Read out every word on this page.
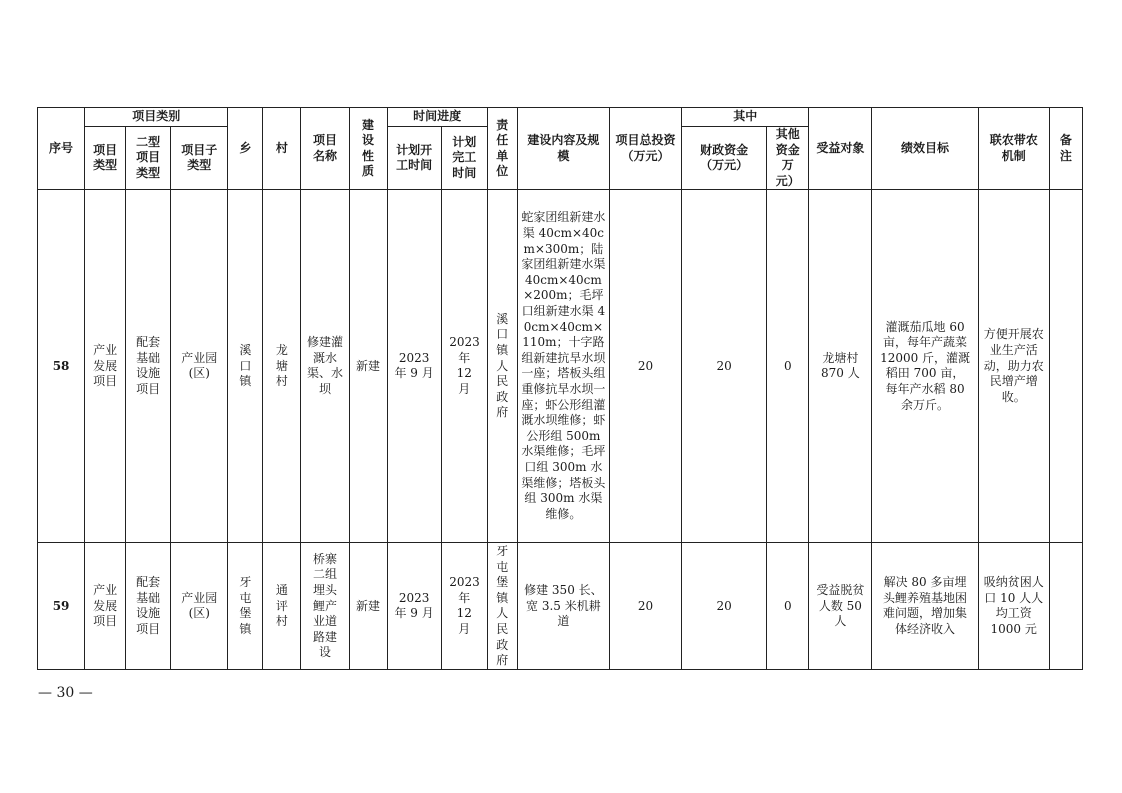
序号	项目类别			乡	村	项目名称	建设性质	时间进度		责任单位	建设内容及规模	项目总投资（万元）	其中		受益对象	绩效目标	联农带农机制	备注

	项目类型	二型项目类型	项目子类型					计划开工时间	计划完工时间				财政资金（万元）	其他资金万元）				

58	产业发展项目	配套基础设施项目	产业园(区)	溪口镇	龙塘村	修建灌溉水渠、水坝	新建	2023 年 9 月	2023 年 12 月	溪口镇人民政府	蛇家团组新建水渠 40cm×40cm×300m；陆家团组新建水渠 40cm×40cm×200m；毛坪口组新建水渠 40cm×40cm×110m；十字路组新建抗旱水坝一座；塔板头组重修抗旱水坝一座；虾公形组灌溉水坝维修；虾公形组 500m 水渠维修；毛坪口组 300m 水渠维修；塔板头组 300m 水渠维修。	20	20	0	龙塘村 870 人	灌溉茄瓜地 60 亩，每年产蔬菜 12000 斤，灌溉稻田 700 亩，每年产水稻 80 余万斤。	方便开展农业生产活动，助力农民增产增收。	

59	产业发展项目	配套基础设施项目	产业园(区)	牙屯堡镇	通评村	桥寨二组埋头鲤产业道路建设	新建	2023 年 9 月	2023 年 12 月	牙屯堡镇人民政府	修建 350 长、宽 3.5 米机耕道	20	20	0	受益脱贫人数 50 人	解决 80 多亩埋头鲤养殖基地困难问题，增加集体经济收入	吸纳贫困人口 10 人人均工资 1000 元	

— 30 —
